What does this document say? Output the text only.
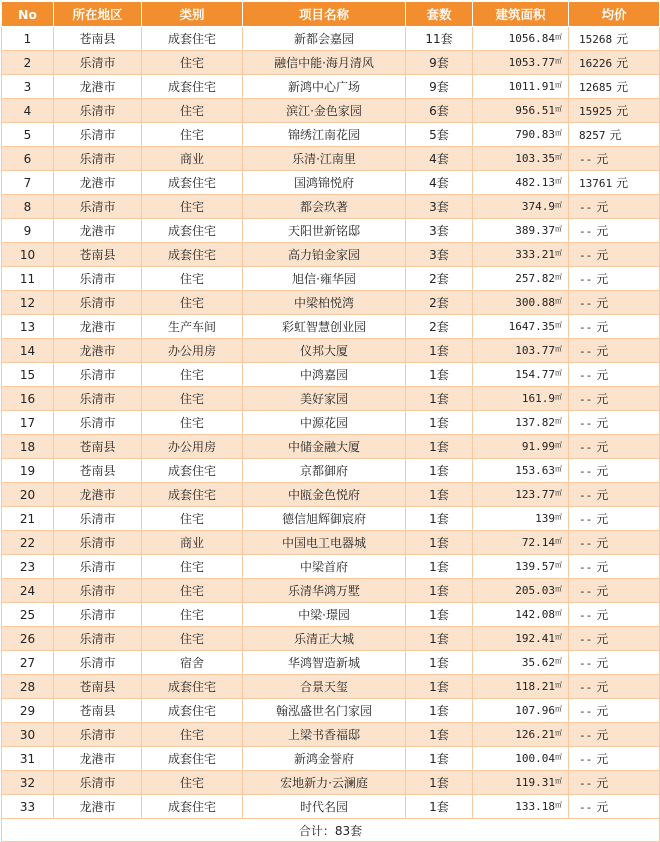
No	所在地区	类别	项目名称	套数	建筑面积	均价
1	苍南县	成套住宅	新都会嘉园	11套	1056.84㎡	15268 元
2	乐清市	住宅	融信中能·海月清风	9套	1053.77㎡	16226 元
3	龙港市	成套住宅	新鸿中心广场	9套	1011.91㎡	12685 元
4	乐清市	住宅	滨江·金色家园	6套	956.51㎡	15925 元
5	乐清市	住宅	锦绣江南花园	5套	790.83㎡	8257 元
6	乐清市	商业	乐清·江南里	4套	103.35㎡	-- 元
7	龙港市	成套住宅	国鸿锦悦府	4套	482.13㎡	13761 元
8	乐清市	住宅	都会玖著	3套	374.9㎡	-- 元
9	龙港市	成套住宅	天阳世新铭邸	3套	389.37㎡	-- 元
10	苍南县	成套住宅	高力铂金家园	3套	333.21㎡	-- 元
11	乐清市	住宅	旭信·雍华园	2套	257.82㎡	-- 元
12	乐清市	住宅	中梁柏悦湾	2套	300.88㎡	-- 元
13	龙港市	生产车间	彩虹智慧创业园	2套	1647.35㎡	-- 元
14	龙港市	办公用房	仪邦大厦	1套	103.77㎡	-- 元
15	乐清市	住宅	中鸿嘉园	1套	154.77㎡	-- 元
16	乐清市	住宅	美好家园	1套	161.9㎡	-- 元
17	乐清市	住宅	中源花园	1套	137.82㎡	-- 元
18	苍南县	办公用房	中储金融大厦	1套	91.99㎡	-- 元
19	苍南县	成套住宅	京都御府	1套	153.63㎡	-- 元
20	龙港市	成套住宅	中瓯金色悦府	1套	123.77㎡	-- 元
21	乐清市	住宅	德信旭辉御宸府	1套	139㎡	-- 元
22	乐清市	商业	中国电工电器城	1套	72.14㎡	-- 元
23	乐清市	住宅	中梁首府	1套	139.57㎡	-- 元
24	乐清市	住宅	乐清华鸿万墅	1套	205.03㎡	-- 元
25	乐清市	住宅	中梁·璟园	1套	142.08㎡	-- 元
26	乐清市	住宅	乐清正大城	1套	192.41㎡	-- 元
27	乐清市	宿舍	华鸿智造新城	1套	35.62㎡	-- 元
28	苍南县	成套住宅	合景天玺	1套	118.21㎡	-- 元
29	苍南县	成套住宅	翰泓盛世名门家园	1套	107.96㎡	-- 元
30	乐清市	住宅	上梁书香福邸	1套	126.21㎡	-- 元
31	龙港市	成套住宅	新鸿金誉府	1套	100.04㎡	-- 元
32	乐清市	住宅	宏地新力·云澜庭	1套	119.31㎡	-- 元
33	龙港市	成套住宅	时代名园	1套	133.18㎡	-- 元
合计：83套						
